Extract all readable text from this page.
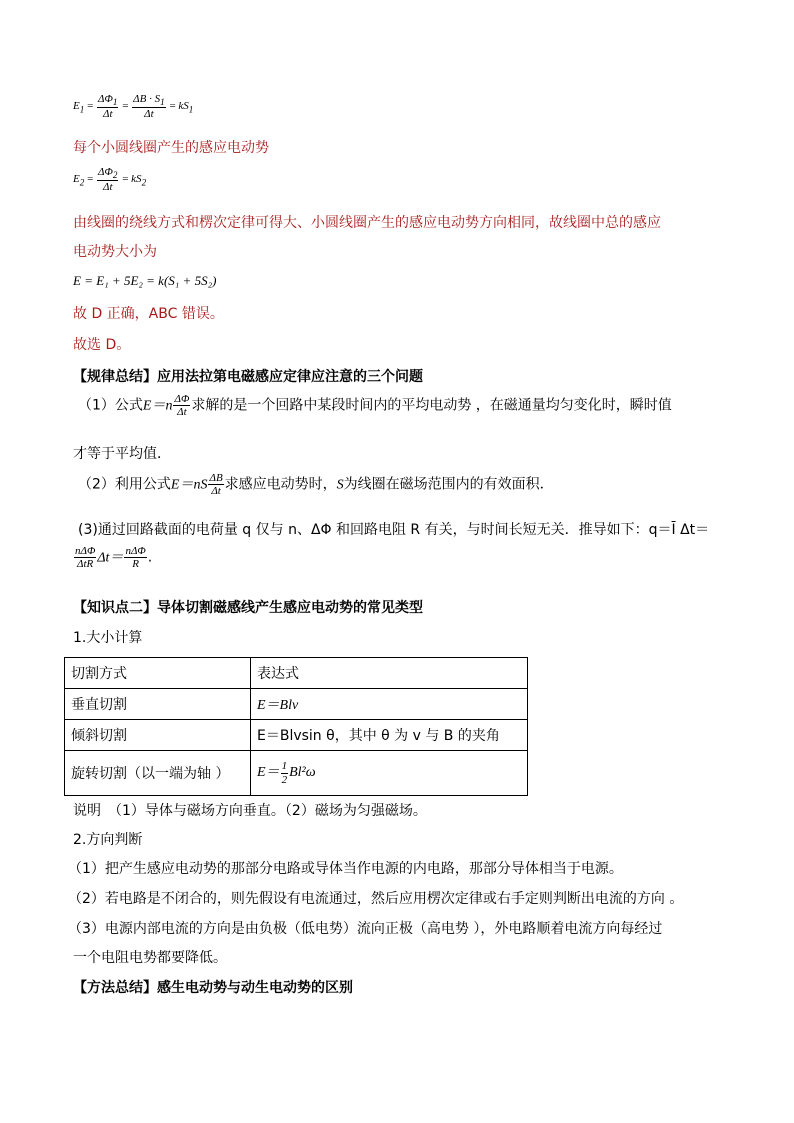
$E_1 = \frac{\Delta\Phi_1}{\Delta t} = \frac{\Delta B \cdot S_1}{\Delta t} = kS_1$
每个小圆线圈产生的感应电动势
$E_2 = \frac{\Delta\Phi_2}{\Delta t} = kS_2$
由线圈的绕线方式和楞次定律可得大、小圆线圈产生的感应电动势方向相同，故线圈中总的感应
电动势大小为
E = E₁ + 5E₂ = k(S₁ + 5S₂)
故 D 正确，ABC 错误。
故选 D。
【规律总结】应用法拉第电磁感应定律应注意的三个问题
（1）公式$E=n \frac{\Delta\Phi}{\Delta t}$ 求解的是一个回路中某段时间内的平均电动势 ，在磁通量均匀变化时，瞬时值
才等于平均值．
（2）利用公式$E=nS \frac{\Delta B}{\Delta t}$ 求感应电动势时，S为线圈在磁场范围内的有效面积．
(3)通过回路截面的电荷量 q 仅与 n、ΔΦ 和回路电阻 R 有关，与时间长短无关．推导如下：q＝Ī Δt＝
$\frac{\text{nΔΦ}}{\text{ΔtR}} \Delta t= \frac{\text{nΔΦ}}{R}$ .
【知识点二】导体切割磁感线产生感应电动势的常见类型
1.大小计算
切割方式	表达式
垂直切割	E＝Blv
倾斜切割	E＝Blvsin θ，其中 θ 为 v 与 B 的夹角
旋转切割（以一端为轴 ）	$E= \frac{1}{2} Bl^2\omega$
说明　（1）导体与磁场方向垂直。（2）磁场为匀强磁场。
2.方向判断
（1）把产生感应电动势的那部分电路或导体当作电源的内电路，那部分导体相当于电源。
（2）若电路是不闭合的，则先假设有电流通过，然后应用楞次定律或右手定则判断出电流的方向 。
（3）电源内部电流的方向是由负极（低电势）流向正极（高电势 ），外电路顺着电流方向每经过
一个电阻电势都要降低。
【方法总结】感生电动势与动生电动势的区别
